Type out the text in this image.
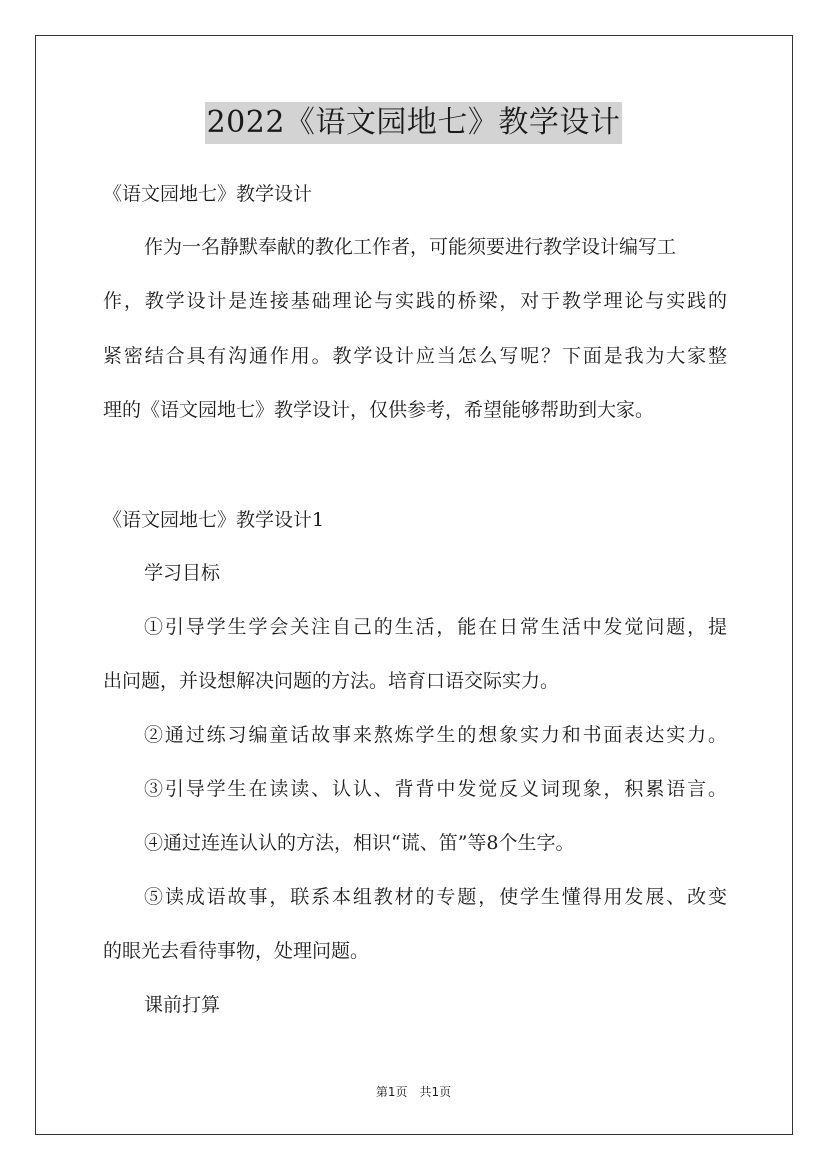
2022《语文园地七》教学设计
《语文园地七》教学设计
作为一名静默奉献的教化工作者，可能须要进行教学设计编写工
作，教学设计是连接基础理论与实践的桥梁，对于教学理论与实践的
紧密结合具有沟通作用。教学设计应当怎么写呢？下面是我为大家整
理的《语文园地七》教学设计，仅供参考，希望能够帮助到大家。
《语文园地七》教学设计1
学习目标
①引导学生学会关注自己的生活，能在日常生活中发觉问题，提
出问题，并设想解决问题的方法。培育口语交际实力。
②通过练习编童话故事来熬炼学生的想象实力和书面表达实力。
③引导学生在读读、认认、背背中发觉反义词现象，积累语言。
④通过连连认认的方法，相识“谎、笛”等8个生字。
⑤读成语故事，联系本组教材的专题，使学生懂得用发展、改变
的眼光去看待事物，处理问题。
课前打算
第1页　共1页
